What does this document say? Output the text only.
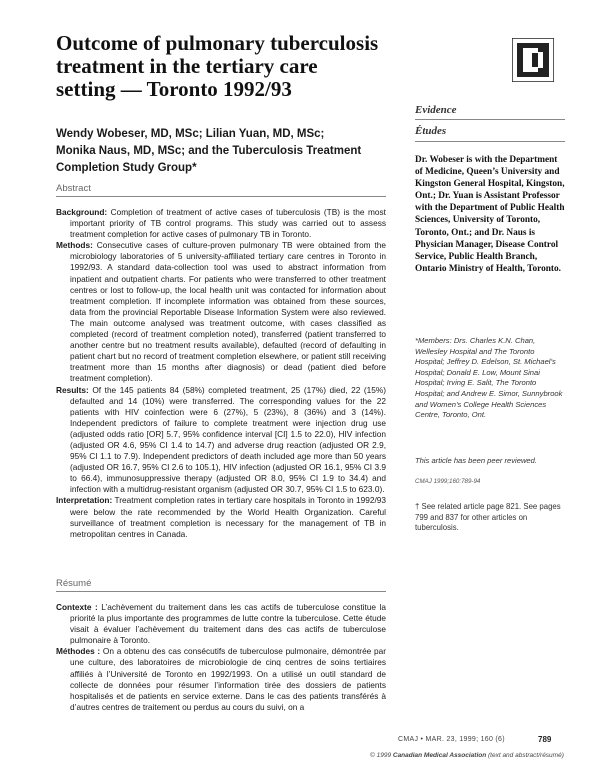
Outcome of pulmonary tuberculosis
treatment in the tertiary care
setting — Toronto 1992/93
Wendy Wobeser, MD, MSc; Lilian Yuan, MD, MSc;
Monika Naus, MD, MSc; and the Tuberculosis Treatment
Completion Study Group*
Abstract

Background: Completion of treatment of active cases of tuberculosis (TB) is the most important priority of TB control programs. This study was carried out to assess treatment completion for active cases of pulmonary TB in Toronto.

Methods: Consecutive cases of culture-proven pulmonary TB were obtained from the microbiology laboratories of 5 university-affiliated tertiary care centres in Toronto in 1992/93. A standard data-collection tool was used to abstract information from inpatient and outpatient charts. For patients who were transferred to other treatment centres or lost to follow-up, the local health unit was contacted for information about treatment completion. If incomplete information was obtained from these sources, data from the provincial Reportable Disease Information System were also reviewed. The main outcome analysed was treatment outcome, with cases classified as completed (record of treatment completion noted), transferred (patient transferred to another centre but no treatment results available), defaulted (record of defaulting in patient chart but no record of treatment completion elsewhere, or patient still receiving treatment more than 15 months after diagnosis) or dead (patient died before treatment completion).

Results: Of the 145 patients 84 (58%) completed treatment, 25 (17%) died, 22 (15%) defaulted and 14 (10%) were transferred. The corresponding values for the 22 patients with HIV coinfection were 6 (27%), 5 (23%), 8 (36%) and 3 (14%). Independent predictors of failure to complete treatment were injection drug use (adjusted odds ratio [OR] 5.7, 95% confidence interval [CI] 1.5 to 22.0), HIV infection (adjusted OR 4.6, 95% CI 1.4 to 14.7) and adverse drug reaction (adjusted OR 2.9, 95% CI 1.1 to 7.9). Independent predictors of death included age more than 50 years (adjusted OR 16.7, 95% CI 2.6 to 105.1), HIV infection (adjusted OR 16.1, 95% CI 3.9 to 66.4), immunosuppressive therapy (adjusted OR 8.0, 95% CI 1.9 to 34.4) and infection with a multidrug-resistant organism (adjusted OR 30.7, 95% CI 1.5 to 623.0).

Interpretation: Treatment completion rates in tertiary care hospitals in Toronto in 1992/93 were below the rate recommended by the World Health Organization. Careful surveillance of treatment completion is necessary for the management of TB in metropolitan centres in Canada.

Résumé

Contexte : L’achèvement du traitement dans les cas actifs de tuberculose constitue la priorité la plus importante des programmes de lutte contre la tuberculose. Cette étude visait à évaluer l’achèvement du traitement dans des cas actifs de tuberculose pulmonaire à Toronto.

Méthodes : On a obtenu des cas consécutifs de tuberculose pulmonaire, démontrée par une culture, des laboratoires de microbiologie de cinq centres de soins tertiaires affiliés à l’Université de Toronto en 1992/1993. On a utilisé un outil standard de collecte de données pour résumer l’information tirée des dossiers de patients hospitalisés et de patients en service externe. Dans le cas des patients transférés à d’autres centres de traitement ou perdus au cours du suivi, on a

Evidence
Études
Dr. Wobeser is with the Department of Medicine, Queen’s University and Kingston General Hospital, Kingston, Ont.; Dr. Yuan is Assistant Professor with the Department of Public Health Sciences, University of Toronto, Toronto, Ont.; and Dr. Naus is Physician Manager, Disease Control Service, Public Health Branch, Ontario Ministry of Health, Toronto.
*Members: Drs. Charles K.N. Chan, Wellesley Hospital and The Toronto Hospital; Jeffrey D. Edelson, St. Michael’s Hospital; Donald E. Low, Mount Sinai Hospital; Irving E. Salit, The Toronto Hospital; and Andrew E. Simor, Sunnybrook and Women’s College Health Sciences Centre, Toronto, Ont.
This article has been peer reviewed.
CMAJ 1999;160:789-94
† See related article page 821. See pages 799 and 837 for other articles on tuberculosis.
CMAJ • MAR. 23, 1999; 160 (6)	789
© 1999 Canadian Medical Association (text and abstract/résumé)
